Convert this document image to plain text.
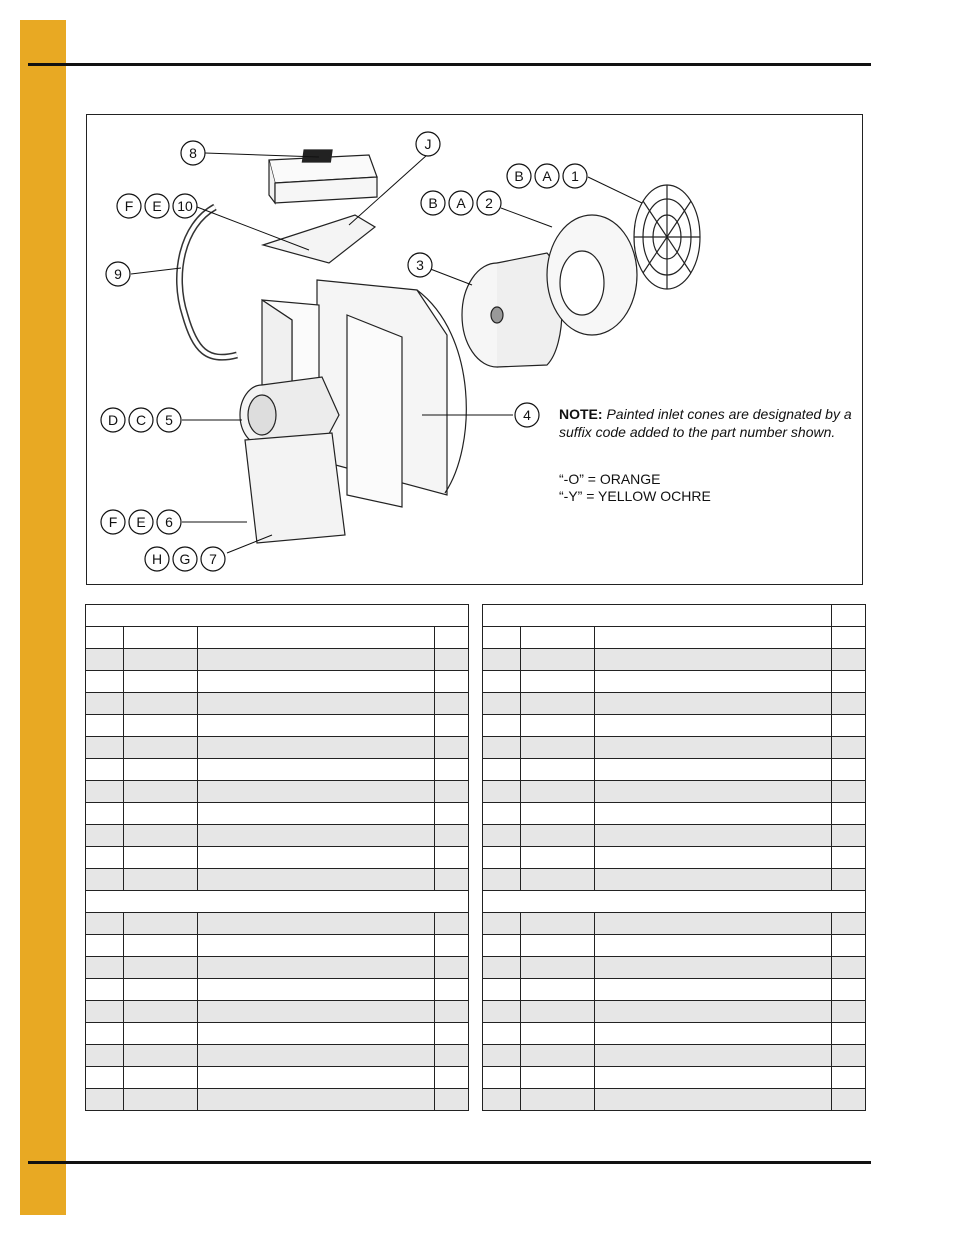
8
J
B A 1
B A 2
F E 10
9
3
D C 5	4
F E 6
H G 7
NOTE: Painted inlet cones are designated by a suffix code added to the part number shown.
“-O” = ORANGE
“-Y” = YELLOW OCHRE
